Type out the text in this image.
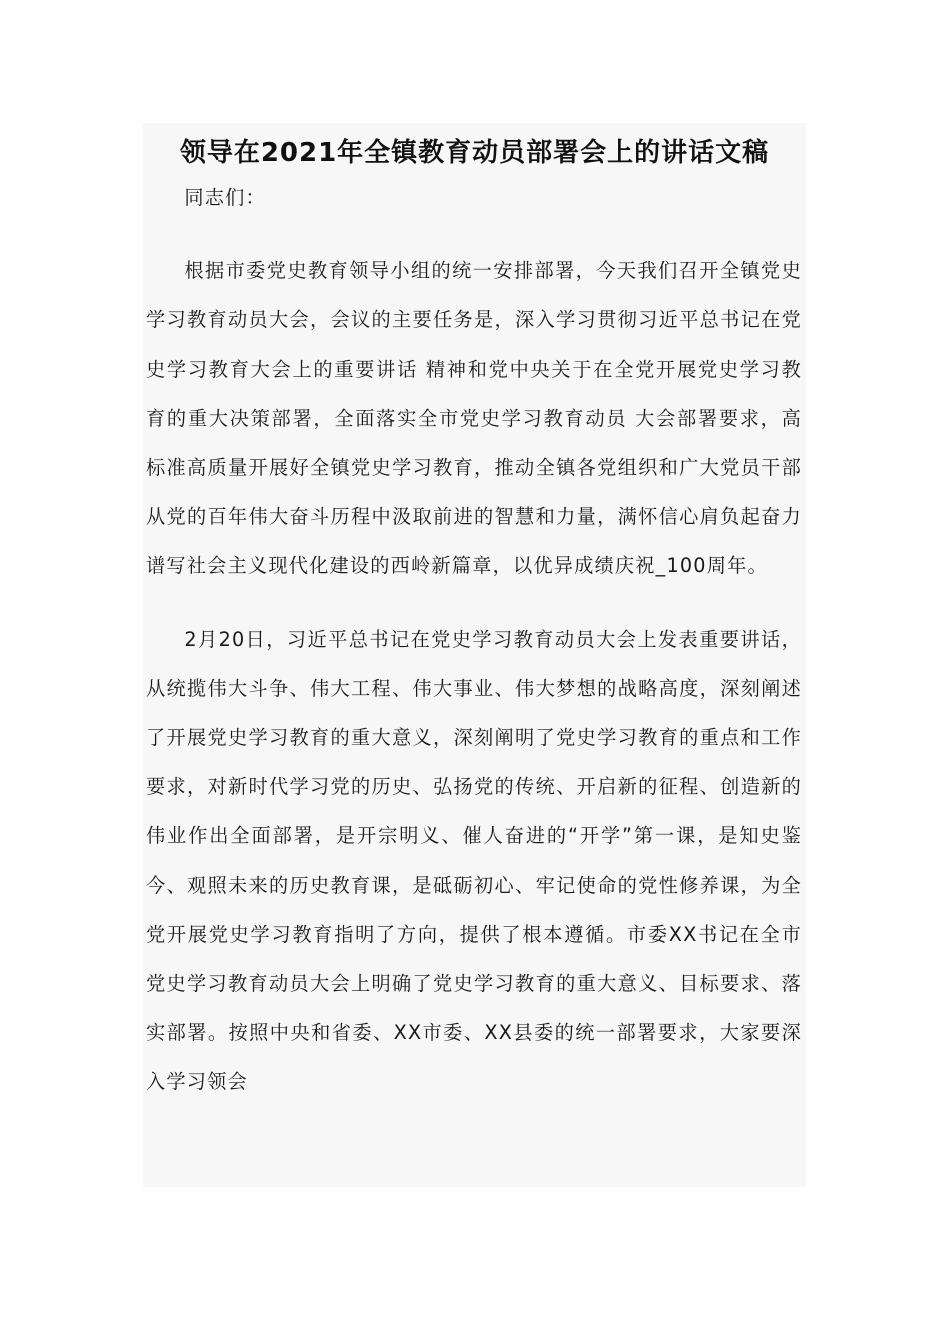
领导在2021年全镇教育动员部署会上的讲话文稿

同志们：

根据市委党史教育领导小组的统一安排部署，今天我们召开全镇党史学习教育动员大会，会议的主要任务是，深入学习贯彻习近平总书记在党史学习教育大会上的重要讲话 精神和党中央关于在全党开展党史学习教育的重大决策部署，全面落实全市党史学习教育动员 大会部署要求，高标准高质量开展好全镇党史学习教育，推动全镇各党组织和广大党员干部从党的百年伟大奋斗历程中汲取前进的智慧和力量，满怀信心肩负起奋力谱写社会主义现代化建设的西岭新篇章，以优异成绩庆祝_100周年。

2月20日，习近平总书记在党史学习教育动员大会上发表重要讲话，从统揽伟大斗争、伟大工程、伟大事业、伟大梦想的战略高度，深刻阐述了开展党史学习教育的重大意义，深刻阐明了党史学习教育的重点和工作要求，对新时代学习党的历史、弘扬党的传统、开启新的征程、创造新的伟业作出全面部署，是开宗明义、催人奋进的“开学”第一课，是知史鉴今、观照未来的历史教育课，是砥砺初心、牢记使命的党性修养课，为全党开展党史学习教育指明了方向，提供了根本遵循。市委XX书记在全市党史学习教育动员大会上明确了党史学习教育的重大意义、目标要求、落实部署。按照中央和省委、XX市委、XX县委的统一部署要求，大家要深入学习领会
